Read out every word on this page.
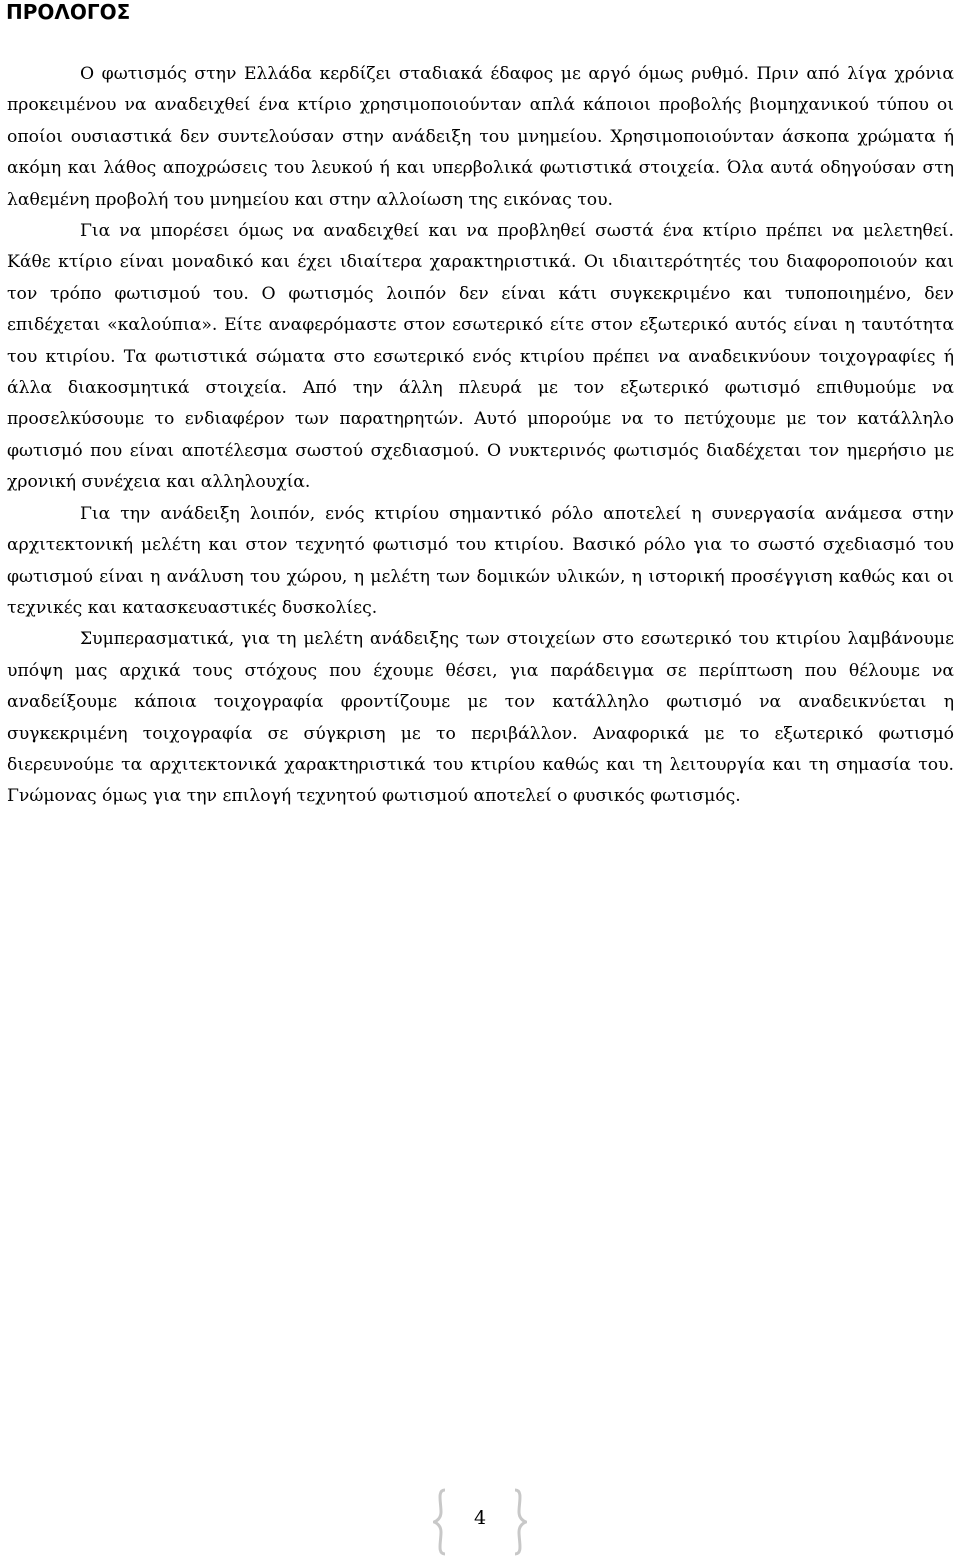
ΠΡΟΛΟΓΟΣ

Ο φωτισμός στην Ελλάδα κερδίζει σταδιακά έδαφος με αργό όμως ρυθμό. Πριν από λίγα χρόνια προκειμένου να αναδειχθεί ένα κτίριο χρησιμοποιούνταν απλά κάποιοι προβολής βιομηχανικού τύπου οι οποίοι ουσιαστικά δεν συντελούσαν στην ανάδειξη του μνημείου. Χρησιμοποιούνταν άσκοπα χρώματα ή ακόμη και λάθος αποχρώσεις του λευκού ή και υπερβολικά φωτιστικά στοιχεία. Όλα αυτά οδηγούσαν στη λαθεμένη προβολή του μνημείου και στην αλλοίωση της εικόνας του.

Για να μπορέσει όμως να αναδειχθεί και να προβληθεί σωστά ένα κτίριο πρέπει να μελετηθεί. Κάθε κτίριο είναι μοναδικό και έχει ιδιαίτερα χαρακτηριστικά. Οι ιδιαιτερότητές του διαφοροποιούν και τον τρόπο φωτισμού του. Ο φωτισμός λοιπόν δεν είναι κάτι συγκεκριμένο και τυποποιημένο, δεν επιδέχεται «καλούπια». Είτε αναφερόμαστε στον εσωτερικό είτε στον εξωτερικό αυτός είναι η ταυτότητα του κτιρίου. Τα φωτιστικά σώματα στο εσωτερικό ενός κτιρίου πρέπει να αναδεικνύουν τοιχογραφίες ή άλλα διακοσμητικά στοιχεία. Από την άλλη πλευρά με τον εξωτερικό φωτισμό επιθυμούμε να προσελκύσουμε το ενδιαφέρον των παρατηρητών. Αυτό μπορούμε να το πετύχουμε με τον κατάλληλο φωτισμό που είναι αποτέλεσμα σωστού σχεδιασμού. Ο νυκτερινός φωτισμός διαδέχεται τον ημερήσιο με χρονική συνέχεια και αλληλουχία.

Για την ανάδειξη λοιπόν, ενός κτιρίου σημαντικό ρόλο αποτελεί η συνεργασία ανάμεσα στην αρχιτεκτονική μελέτη και στον τεχνητό φωτισμό του κτιρίου. Βασικό ρόλο για το σωστό σχεδιασμό του φωτισμού είναι η ανάλυση του χώρου, η μελέτη των δομικών υλικών, η ιστορική προσέγγιση καθώς και οι τεχνικές και κατασκευαστικές δυσκολίες.

Συμπερασματικά, για τη μελέτη ανάδειξης των στοιχείων στο εσωτερικό του κτιρίου λαμβάνουμε υπόψη μας αρχικά τους στόχους που έχουμε θέσει, για παράδειγμα σε περίπτωση που θέλουμε να αναδείξουμε κάποια τοιχογραφία φροντίζουμε με τον κατάλληλο φωτισμό να αναδεικνύεται η συγκεκριμένη τοιχογραφία σε σύγκριση με το περιβάλλον. Αναφορικά με το εξωτερικό φωτισμό διερευνούμε τα αρχιτεκτονικά χαρακτηριστικά του κτιρίου καθώς και τη λειτουργία και τη σημασία του. Γνώμονας όμως για την επιλογή τεχνητού φωτισμού αποτελεί ο φυσικός φωτισμός.

4
